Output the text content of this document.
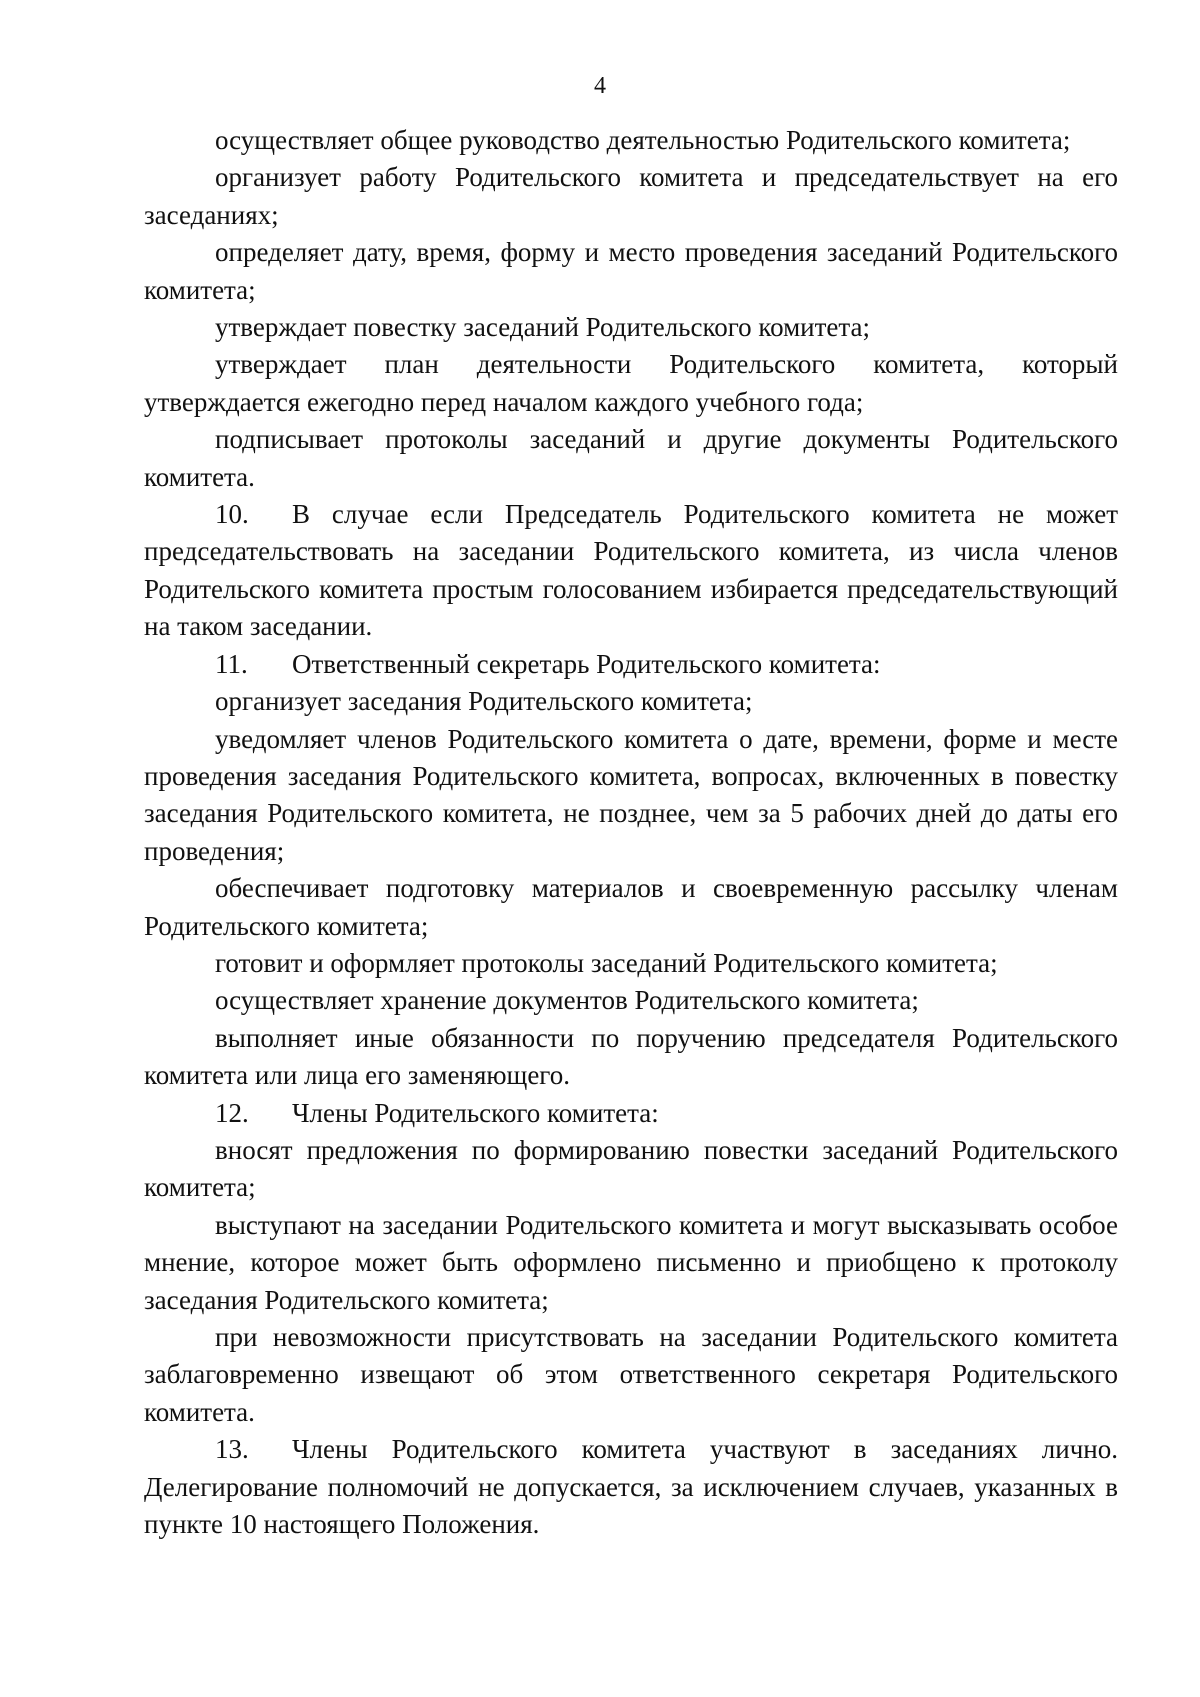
4

осуществляет общее руководство деятельностью Родительского комитета;

организует работу Родительского комитета и председательствует на его заседаниях;

определяет дату, время, форму и место проведения заседаний Родительского комитета;

утверждает повестку заседаний Родительского комитета;

утверждает план деятельности Родительского комитета, который утверждается ежегодно перед началом каждого учебного года;

подписывает протоколы заседаний и другие документы Родительского комитета.

10. В случае если Председатель Родительского комитета не может председательствовать на заседании Родительского комитета, из числа членов Родительского комитета простым голосованием избирается председательствующий на таком заседании.

11. Ответственный секретарь Родительского комитета:

организует заседания Родительского комитета;

уведомляет членов Родительского комитета о дате, времени, форме и месте проведения заседания Родительского комитета, вопросах, включенных в повестку заседания Родительского комитета, не позднее, чем за 5 рабочих дней до даты его проведения;

обеспечивает подготовку материалов и своевременную рассылку членам Родительского комитета;

готовит и оформляет протоколы заседаний Родительского комитета;

осуществляет хранение документов Родительского комитета;

выполняет иные обязанности по поручению председателя Родительского комитета или лица его заменяющего.

12. Члены Родительского комитета:

вносят предложения по формированию повестки заседаний Родительского комитета;

выступают на заседании Родительского комитета и могут высказывать особое мнение, которое может быть оформлено письменно и приобщено к протоколу заседания Родительского комитета;

при невозможности присутствовать на заседании Родительского комитета заблаговременно извещают об этом ответственного секретаря Родительского комитета.

13. Члены Родительского комитета участвуют в заседаниях лично. Делегирование полномочий не допускается, за исключением случаев, указанных в пункте 10 настоящего Положения.
